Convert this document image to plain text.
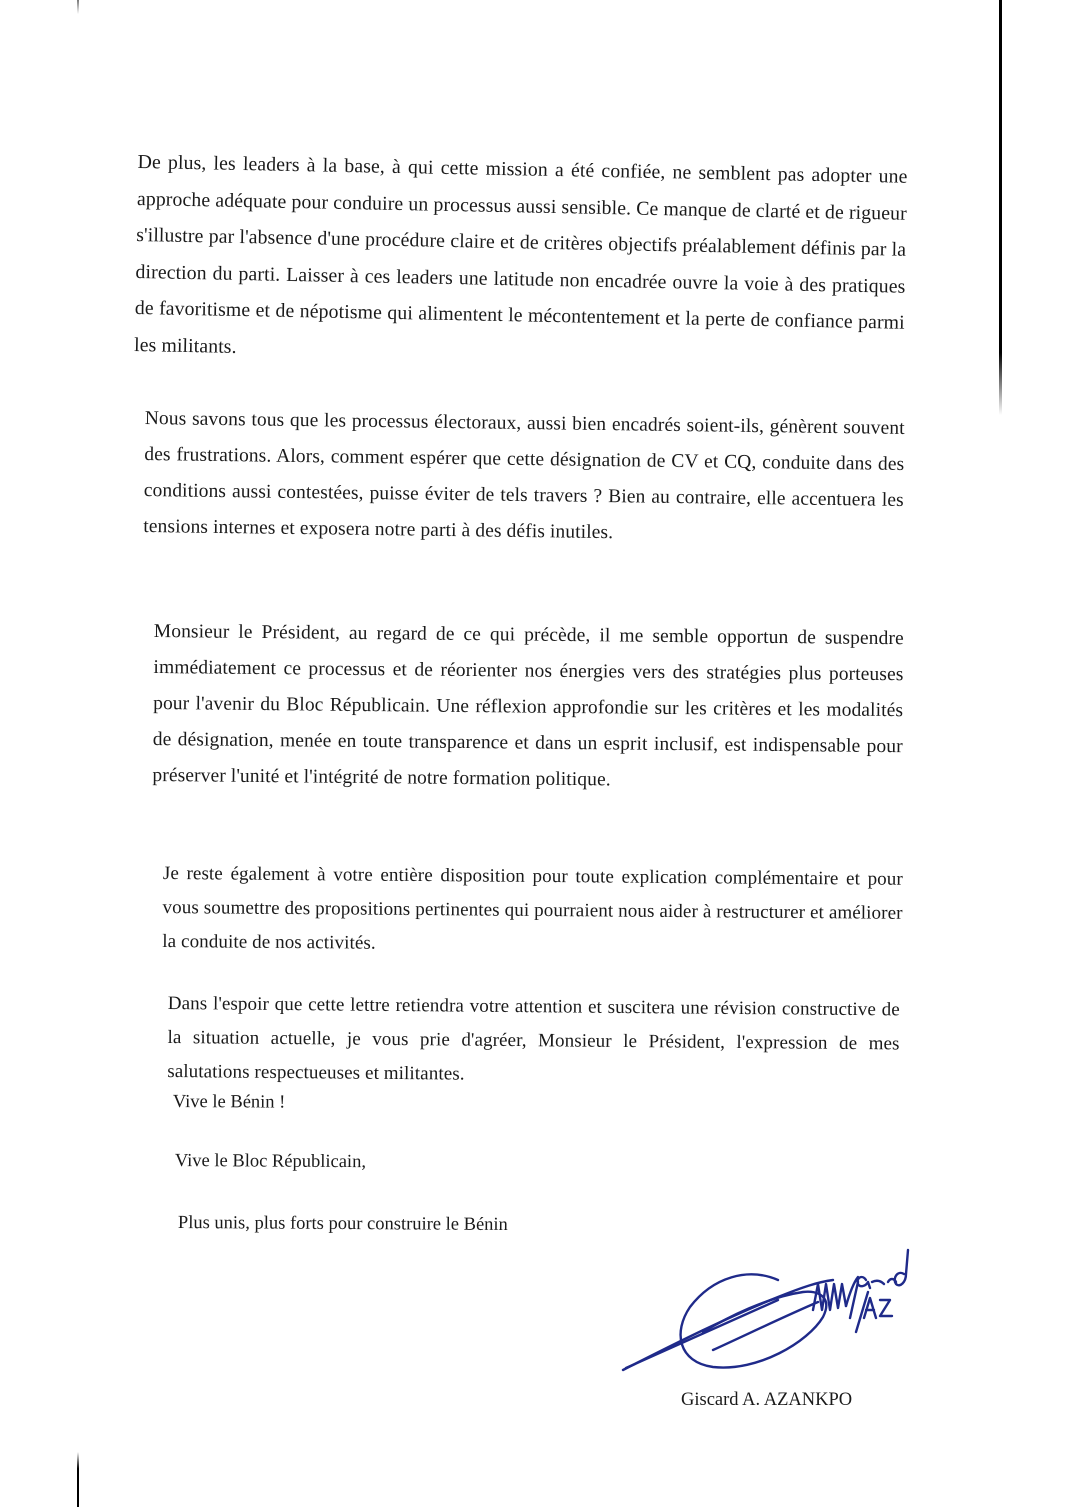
De plus, les leaders à la base, à qui cette mission a été confiée, ne semblent pas adopter une approche adéquate pour conduire un processus aussi sensible. Ce manque de clarté et de rigueur s'illustre par l'absence d'une procédure claire et de critères objectifs préalablement définis par la direction du parti. Laisser à ces leaders une latitude non encadrée ouvre la voie à des pratiques de favoritisme et de népotisme qui alimentent le mécontentement et la perte de confiance parmi les militants.

Nous savons tous que les processus électoraux, aussi bien encadrés soient-ils, génèrent souvent des frustrations. Alors, comment espérer que cette désignation de CV et CQ, conduite dans des conditions aussi contestées, puisse éviter de tels travers ? Bien au contraire, elle accentuera les tensions internes et exposera notre parti à des défis inutiles.

Monsieur le Président, au regard de ce qui précède, il me semble opportun de suspendre immédiatement ce processus et de réorienter nos énergies vers des stratégies plus porteuses pour l'avenir du Bloc Républicain. Une réflexion approfondie sur les critères et les modalités de désignation, menée en toute transparence et dans un esprit inclusif, est indispensable pour préserver l'unité et l'intégrité de notre formation politique.

Je reste également à votre entière disposition pour toute explication complémentaire et pour vous soumettre des propositions pertinentes qui pourraient nous aider à restructurer et améliorer la conduite de nos activités.

Dans l'espoir que cette lettre retiendra votre attention et suscitera une révision constructive de la situation actuelle, je vous prie d'agréer, Monsieur le Président, l'expression de mes salutations respectueuses et militantes.

Vive le Bénin !
Vive le Bloc Républicain,
Plus unis, plus forts pour construire le Bénin
Giscard A. AZANKPO
